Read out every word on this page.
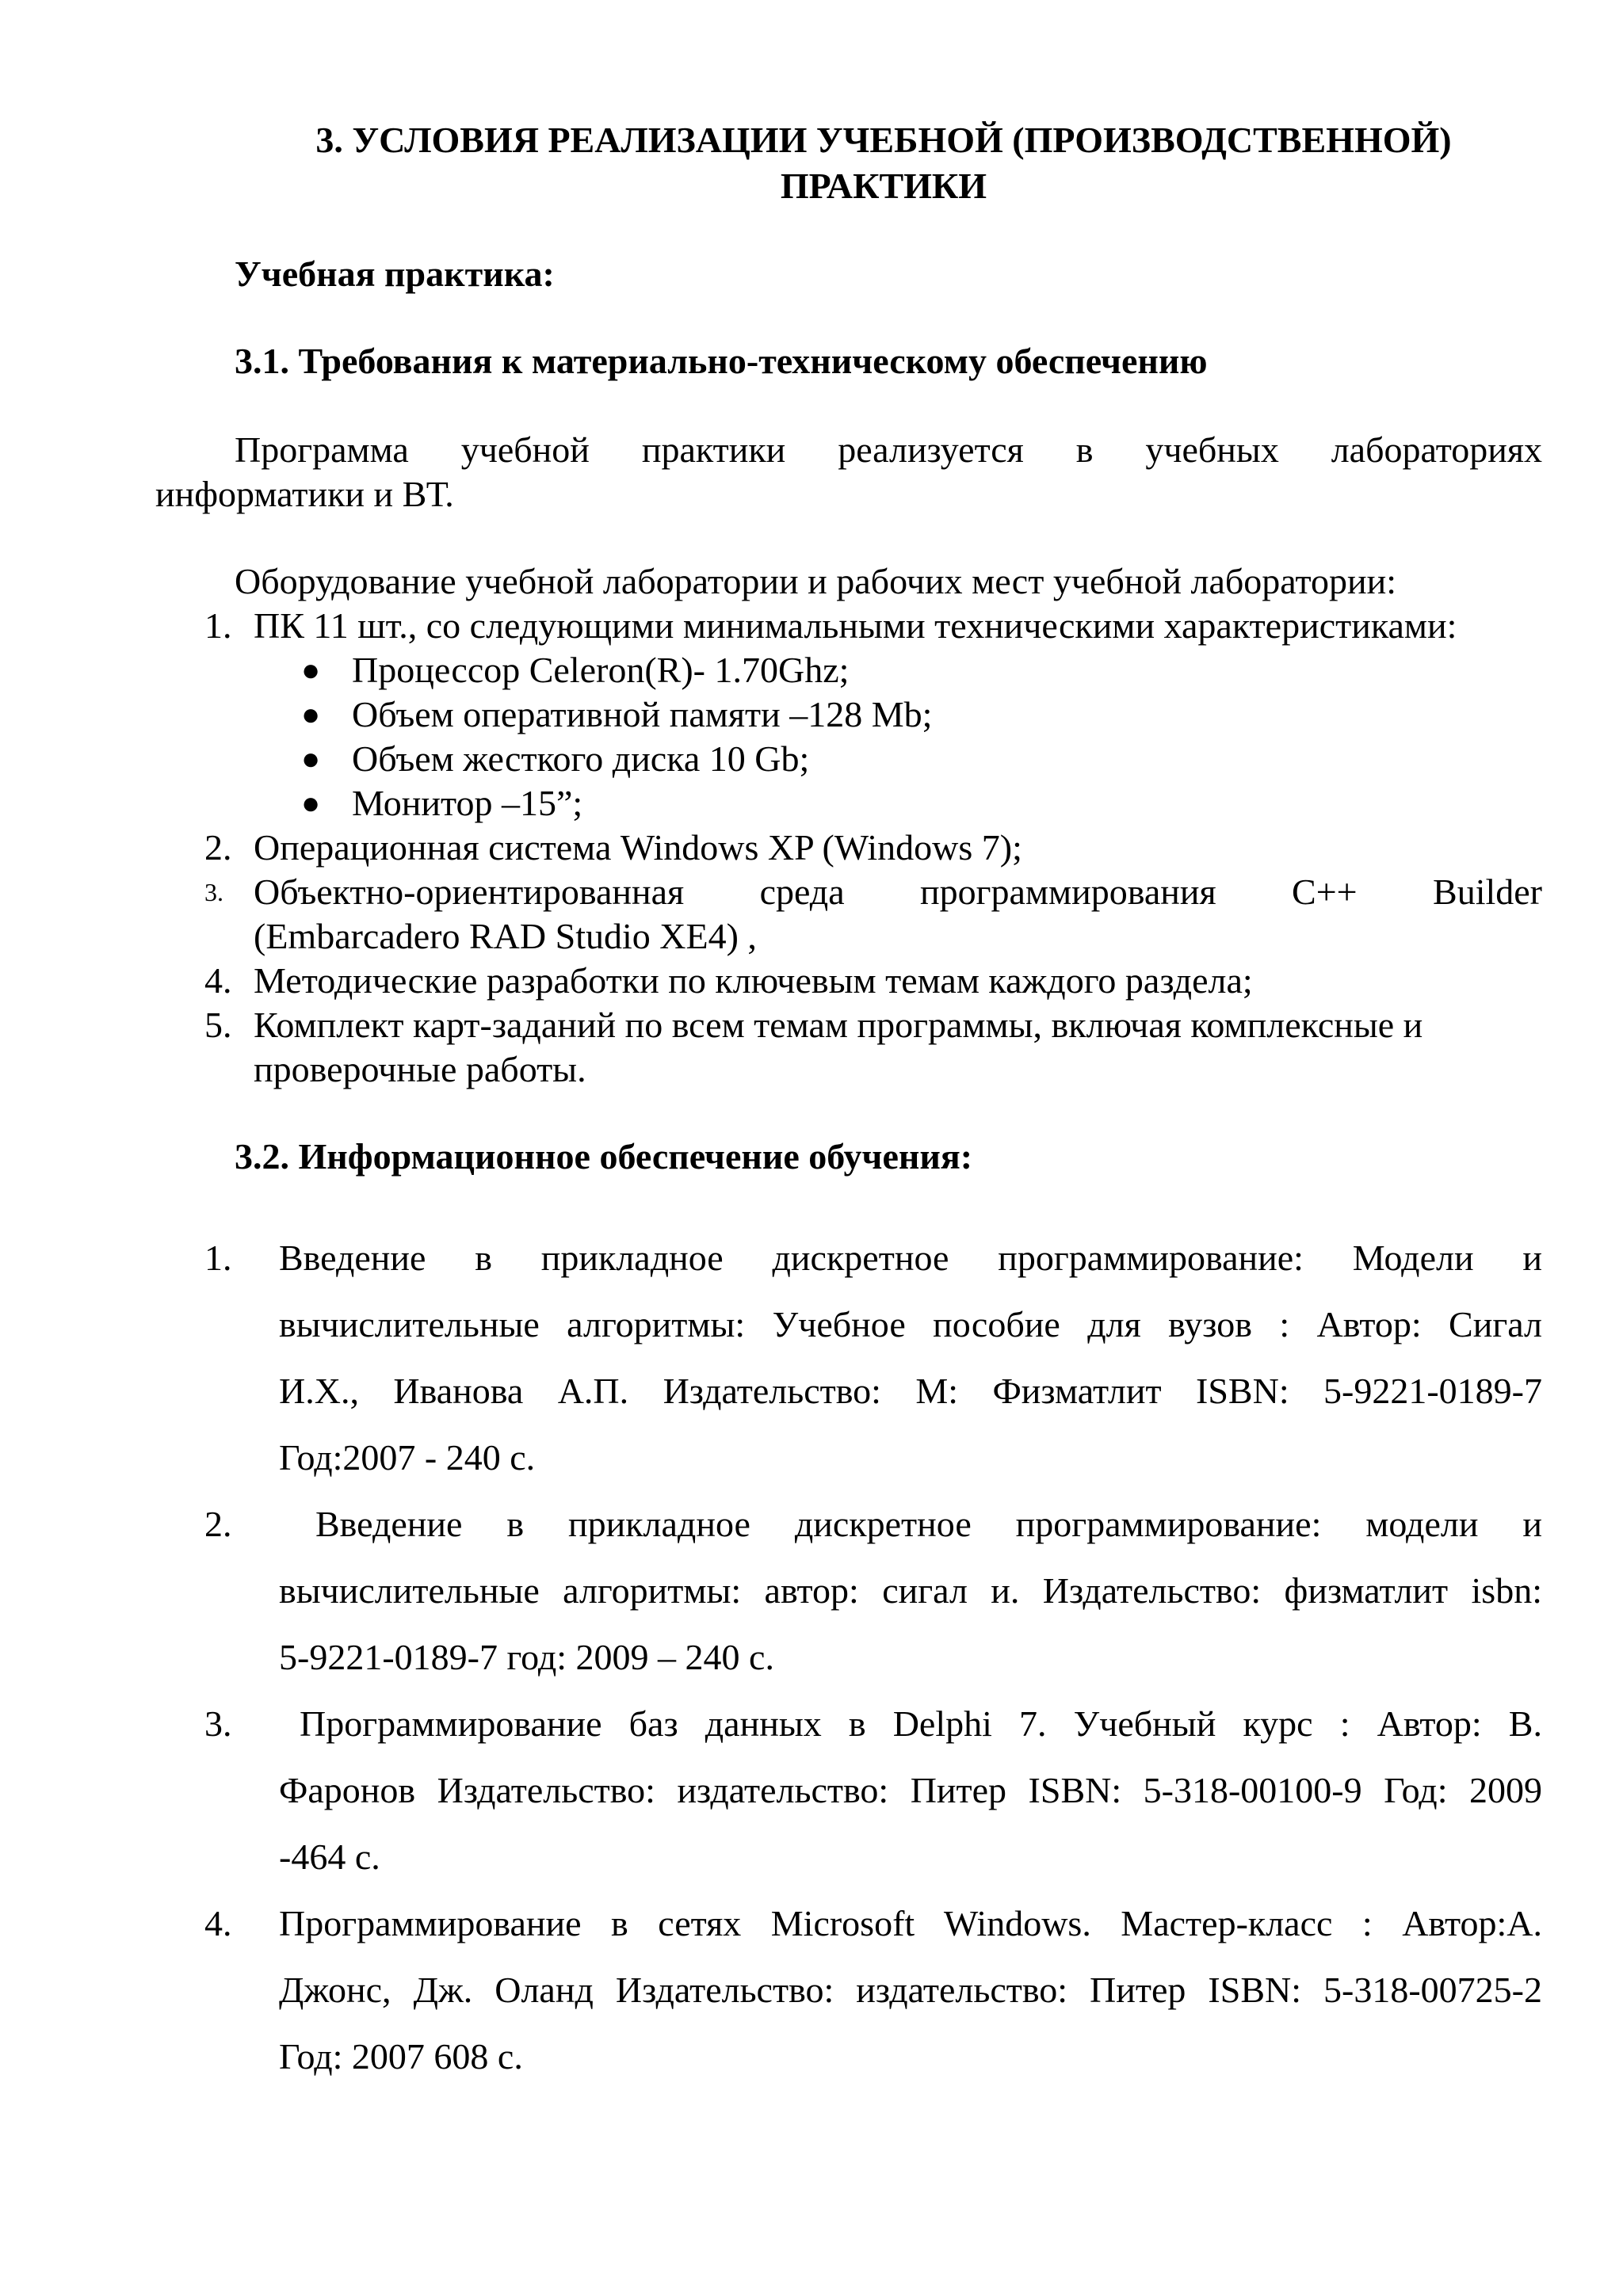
3. УСЛОВИЯ РЕАЛИЗАЦИИ УЧЕБНОЙ (ПРОИЗВОДСТВЕННОЙ)
ПРАКТИКИ
Учебная практика:
3.1. Требования к материально-техническому обеспечению
Программа учебной практики реализуется в учебных лабораториях
информатики и ВТ.
Оборудование учебной лаборатории и рабочих мест учебной лаборатории:
1. ПК 11 шт., со следующими минимальными техническими характеристиками:
● Процессор Celeron(R)- 1.70Ghz;
● Объем оперативной памяти –128 Mb;
● Объем жесткого диска 10 Gb;
● Монитор –15”;
2. Операционная система Windows XP (Windows 7);
3. Объектно-ориентированная среда программирования C++ Builder
(Embarcadero RAD Studio XE4) ,
4. Методические разработки по ключевым темам каждого раздела;
5. Комплект карт-заданий по всем темам программы, включая комплексные и
проверочные работы.
3.2. Информационное обеспечение обучения:
1. Введение в прикладное дискретное программирование: Модели и
вычислительные алгоритмы: Учебное пособие для вузов : Автор: Сигал
И.Х., Иванова А.П. Издательство: М: Физматлит ISBN: 5-9221-0189-7
Год:2007 - 240 с.
2. Введение в прикладное дискретное программирование: модели и
вычислительные алгоритмы: автор: сигал и. Издательство: физматлит isbn:
5-9221-0189-7 год: 2009 – 240 с.
3. Программирование баз данных в Delphi 7. Учебный курс : Автор: В.
Фаронов Издательство: издательство: Питер ISBN: 5-318-00100-9 Год: 2009
-464 с.
4. Программирование в сетях Microsoft Windows. Мастер-класс : Автор:А.
Джонс, Дж. Оланд Издательство: издательство: Питер ISBN: 5-318-00725-2
Год: 2007 608 с.
